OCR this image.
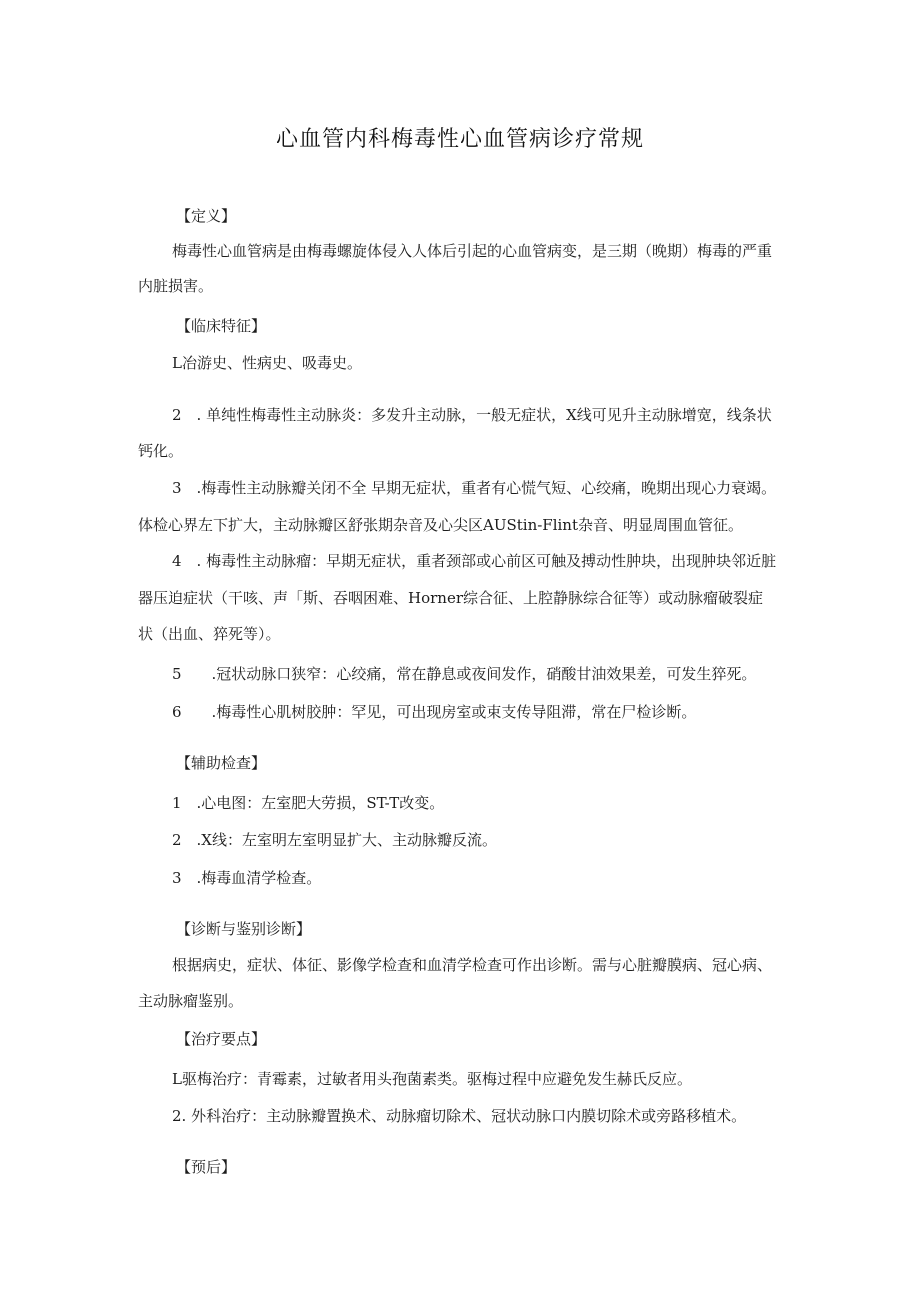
心血管内科梅毒性心血管病诊疗常规
【定义】
梅毒性心血管病是由梅毒螺旋体侵入人体后引起的心血管病变，是三期（晚期）梅毒的严重
内脏损害。
【临床特征】
L冶游史、性病史、吸毒史。
2　. 单纯性梅毒性主动脉炎：多发升主动脉，一般无症状，X线可见升主动脉增宽，线条状
钙化。
3　.梅毒性主动脉瓣关闭不全 早期无症状，重者有心慌气短、心绞痛，晚期出现心力衰竭。
体检心界左下扩大，主动脉瓣区舒张期杂音及心尖区AUStin-Flint杂音、明显周围血管征。
4　. 梅毒性主动脉瘤：早期无症状，重者颈部或心前区可触及搏动性肿块，出现肿块邻近脏
器压迫症状（干咳、声「斯、吞咽困难、Horner综合征、上腔静脉综合征等）或动脉瘤破裂症
状（出血、猝死等）。
5　　.冠状动脉口狭窄：心绞痛，常在静息或夜间发作，硝酸甘油效果差，可发生猝死。
6　　.梅毒性心肌树胶肿：罕见，可出现房室或束支传导阻滞，常在尸检诊断。
【辅助检查】
1　.心电图：左室肥大劳损，ST-T改变。
2　.X线：左室明左室明显扩大、主动脉瓣反流。
3　.梅毒血清学检查。
【诊断与鉴别诊断】
根据病史，症状、体征、影像学检查和血清学检查可作出诊断。需与心脏瓣膜病、冠心病、
主动脉瘤鉴别。
【治疗要点】
L驱梅治疗：青霉素，过敏者用头孢菌素类。驱梅过程中应避免发生赫氏反应。
2. 外科治疗：主动脉瓣置换术、动脉瘤切除术、冠状动脉口内膜切除术或旁路移植术。
【预后】
